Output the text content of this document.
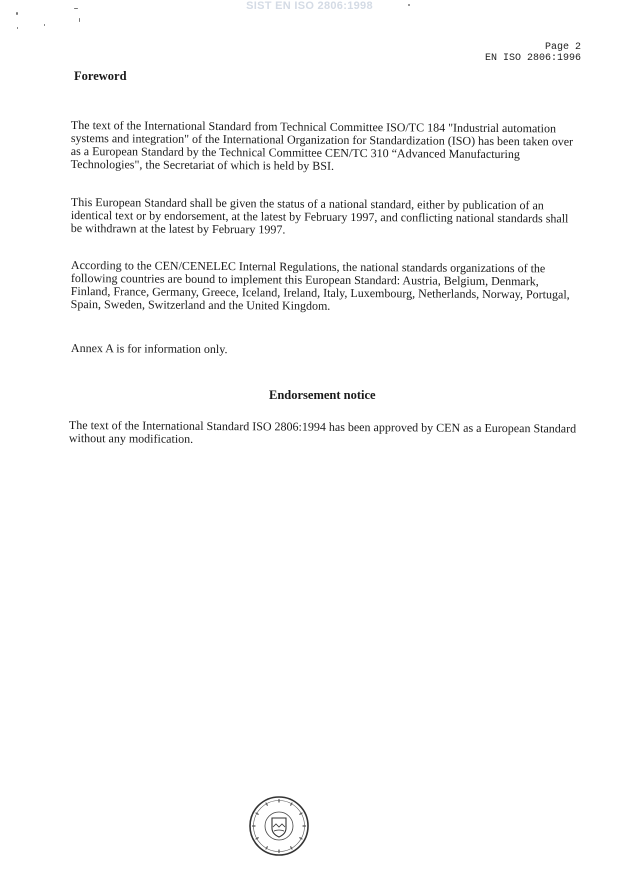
SIST EN ISO 2806:1998
Page 2
EN ISO 2806:1996
Foreword

The text of the International Standard from Technical Committee ISO/TC 184 "Industrial automation systems and integration" of the International Organization for Standardization (ISO) has been taken over as a European Standard by the Technical Committee CEN/TC 310 “Advanced Manufacturing Technologies", the Secretariat of which is held by BSI.

This European Standard shall be given the status of a national standard, either by publication of an identical text or by endorsement, at the latest by February 1997, and conflicting national standards shall be withdrawn at the latest by February 1997.

According to the CEN/CENELEC Internal Regulations, the national standards organizations of the following countries are bound to implement this European Standard: Austria, Belgium, Denmark, Finland, France, Germany, Greece, Iceland, Ireland, Italy, Luxembourg, Netherlands, Norway, Portugal, Spain, Sweden, Switzerland and the United Kingdom.

Annex A is for information only.

Endorsement notice

The text of the International Standard ISO 2806:1994 has been approved by CEN as a European Standard without any modification.
